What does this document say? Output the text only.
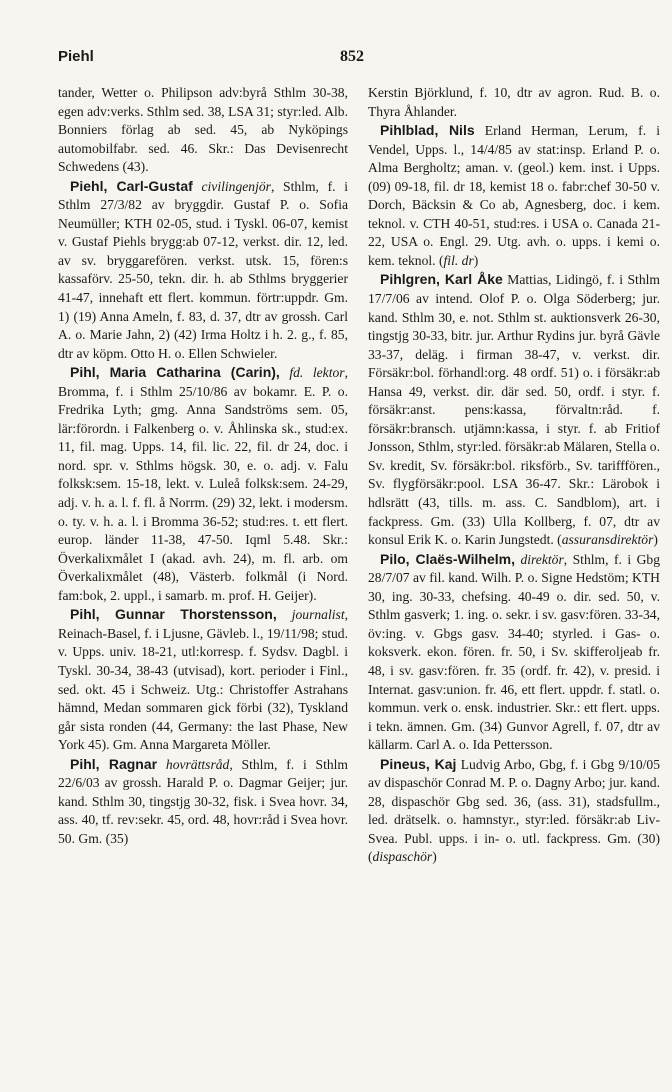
Piehl	852

tander, Wetter o. Philipson adv:byrå Sthlm 30-38, egen adv:verks. Sthlm sed. 38, LSA 31; styr:led. Alb. Bonniers förlag ab sed. 45, ab Nyköpings automobilfabr. sed. 46. Skr.: Das Devisenrecht Schwedens (43).

Piehl, Carl-Gustaf civilingenjör, Sthlm, f. i Sthlm 27/3/82 av bryggdir. Gustaf P. o. Sofia Neumüller; KTH 02-05, stud. i Tyskl. 06-07, kemist v. Gustaf Piehls brygg:ab 07-12, verkst. dir. 12, led. av sv. bryggarefören. verkst. utsk. 15, fören:s kassaförv. 25-50, tekn. dir. h. ab Sthlms bryggerier 41-47, innehaft ett flert. kommun. förtr:uppdr. Gm. 1) (19) Anna Ameln, f. 83, d. 37, dtr av grossh. Carl A. o. Marie Jahn, 2) (42) Irma Holtz i h. 2. g., f. 85, dtr av köpm. Otto H. o. Ellen Schwieler.

Pihl, Maria Catharina (Carin), fd. lektor, Bromma, f. i Sthlm 25/10/86 av bokamr. E. P. o. Fredrika Lyth; gmg. Anna Sandströms sem. 05, lär:förordn. i Falkenberg o. v. Åhlinska sk., stud:ex. 11, fil. mag. Upps. 14, fil. lic. 22, fil. dr 24, doc. i nord. spr. v. Sthlms högsk. 30, e. o. adj. v. Falu folksk:sem. 15-18, lekt. v. Luleå folksk:sem. 24-29, adj. v. h. a. l. f. fl. å Norrm. (29) 32, lekt. i modersm. o. ty. v. h. a. l. i Bromma 36-52; stud:res. t. ett flert. europ. länder 11-38, 47-50. Iqml 5.48. Skr.: Överkalixmålet I (akad. avh. 24), m. fl. arb. om Överkalixmålet (48), Västerb. folkmål (i Nord. fam:bok, 2. uppl., i samarb. m. prof. H. Geijer).

Pihl, Gunnar Thorstensson, journalist, Reinach-Basel, f. i Ljusne, Gävleb. l., 19/11/98; stud. v. Upps. univ. 18-21, utl:korresp. f. Sydsv. Dagbl. i Tyskl. 30-34, 38-43 (utvisad), kort. perioder i Finl., sed. okt. 45 i Schweiz. Utg.: Christoffer Astrahans hämnd, Medan sommaren gick förbi (32), Tyskland går sista ronden (44, Germany: the last Phase, New York 45). Gm. Anna Margareta Möller.

Pihl, Ragnar hovrättsråd, Sthlm, f. i Sthlm 22/6/03 av grossh. Harald P. o. Dagmar Geijer; jur. kand. Sthlm 30, tingstjg 30-32, fisk. i Svea hovr. 34, ass. 40, tf. rev:sekr. 45, ord. 48, hovr:råd i Svea hovr. 50. Gm. (35)

Kerstin Björklund, f. 10, dtr av agron. Rud. B. o. Thyra Åhlander.

Pihlblad, Nils Erland Herman, Lerum, f. i Vendel, Upps. l., 14/4/85 av stat:insp. Erland P. o. Alma Bergholtz; aman. v. (geol.) kem. inst. i Upps. (09) 09-18, fil. dr 18, kemist 18 o. fabr:chef 30-50 v. Dorch, Bäcksin & Co ab, Agnesberg, doc. i kem. teknol. v. CTH 40-51, stud:res. i USA o. Canada 21-22, USA o. Engl. 29. Utg. avh. o. upps. i kemi o. kem. teknol. (fil. dr)

Pihlgren, Karl Åke Mattias, Lidingö, f. i Sthlm 17/7/06 av intend. Olof P. o. Olga Söderberg; jur. kand. Sthlm 30, e. not. Sthlm st. auktionsverk 26-30, tingstjg 30-33, bitr. jur. Arthur Rydins jur. byrå Gävle 33-37, deläg. i firman 38-47, v. verkst. dir. Försäkr:bol. förhandl:org. 48 ordf. 51) o. i försäkr:ab Hansa 49, verkst. dir. där sed. 50, ordf. i styr. f. försäkr:anst. pens:kassa, förvaltn:råd. f. försäkr:bransch. utjämn:kassa, i styr. f. ab Fritiof Jonsson, Sthlm, styr:led. försäkr:ab Mälaren, Stella o. Sv. kredit, Sv. försäkr:bol. riksförb., Sv. tarifffören., Sv. flygförsäkr:pool. LSA 36-47. Skr.: Lärobok i hdlsrätt (43, tills. m. ass. C. Sandblom), art. i fackpress. Gm. (33) Ulla Kollberg, f. 07, dtr av konsul Erik K. o. Karin Jungstedt. (assuransdirektör)

Pilo, Claës-Wilhelm, direktör, Sthlm, f. i Gbg 28/7/07 av fil. kand. Wilh. P. o. Signe Hedstöm; KTH 30, ing. 30-33, chefsing. 40-49 o. dir. sed. 50, v. Sthlm gasverk; 1. ing. o. sekr. i sv. gasv:fören. 33-34, öv:ing. v. Gbgs gasv. 34-40; styrled. i Gas- o. koksverk. ekon. fören. fr. 50, i Sv. skifferoljeab fr. 48, i sv. gasv:fören. fr. 35 (ordf. fr. 42), v. presid. i Internat. gasv:union. fr. 46, ett flert. uppdr. f. statl. o. kommun. verk o. ensk. industrier. Skr.: ett flert. upps. i tekn. ämnen. Gm. (34) Gunvor Agrell, f. 07, dtr av källarm. Carl A. o. Ida Pettersson.

Pineus, Kaj Ludvig Arbo, Gbg, f. i Gbg 9/10/05 av dispaschör Conrad M. P. o. Dagny Arbo; jur. kand. 28, dispaschör Gbg sed. 36, (ass. 31), stadsfullm., led. drätselk. o. hamnstyr., styr:led. försäkr:ab Liv-Svea. Publ. upps. i in- o. utl. fackpress. Gm. (30) (dispaschör)
